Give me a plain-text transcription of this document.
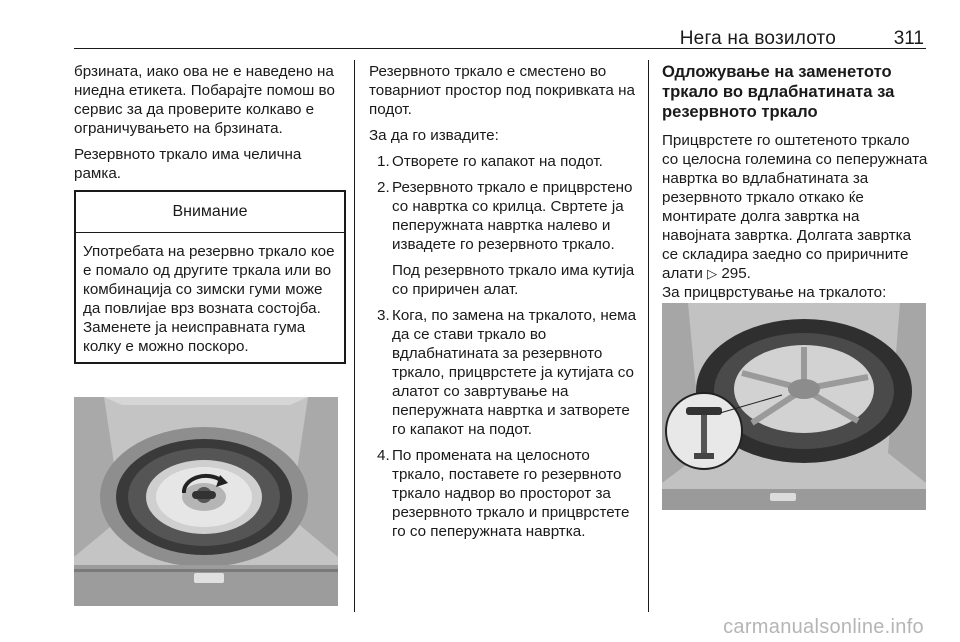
Нега на возилото	311

брзината, иако ова не е наведено на ниедна етикета. Побарајте помош во сервис за да проверите колкаво е ограничувањето на брзината.

Резервното тркало има челична рамка.

Внимание
Употребата на резервно тркало кое е помало од другите тркала или во комбинација со зимски гуми може да повлијае врз возната состојба. Заменете ја неисправната гума колку е можно поскоро.

Резервното тркало е сместено во товарниот простор под покривката на подот.

За да го извадите:

1. Отворете го капакот на подот.

2. Резервното тркало е прицврстено со навртка со крилца. Свртете ја пеперужната навртка налево и извадете го резервното тркало.

Под резервното тркало има кутија со приричен алат.

3. Кога, по замена на тркалото, нема да се стави тркало во вдлабнатината за резервното тркало, прицврстете ја кутијата со алатот со завртување на пеперужната навртка и затворете го капакот на подот.

4. По промената на целосното тркало, поставете го резервното тркало надвор во просторот за резервното тркало и прицврстете го со пеперужната навртка.

Одложување на заменетото тркало во вдлабнатината за резервното тркало

Прицврстете го оштетеното тркало со целосна големина со пеперужната навртка во вдлабнатината за резервното тркало откако ќе монтирате долга завртка на навојната завртка. Долгата завртка се складира заедно со приричните алати ▷ 295.
За прицврстување на тркалото:

carmanualsonline.info
